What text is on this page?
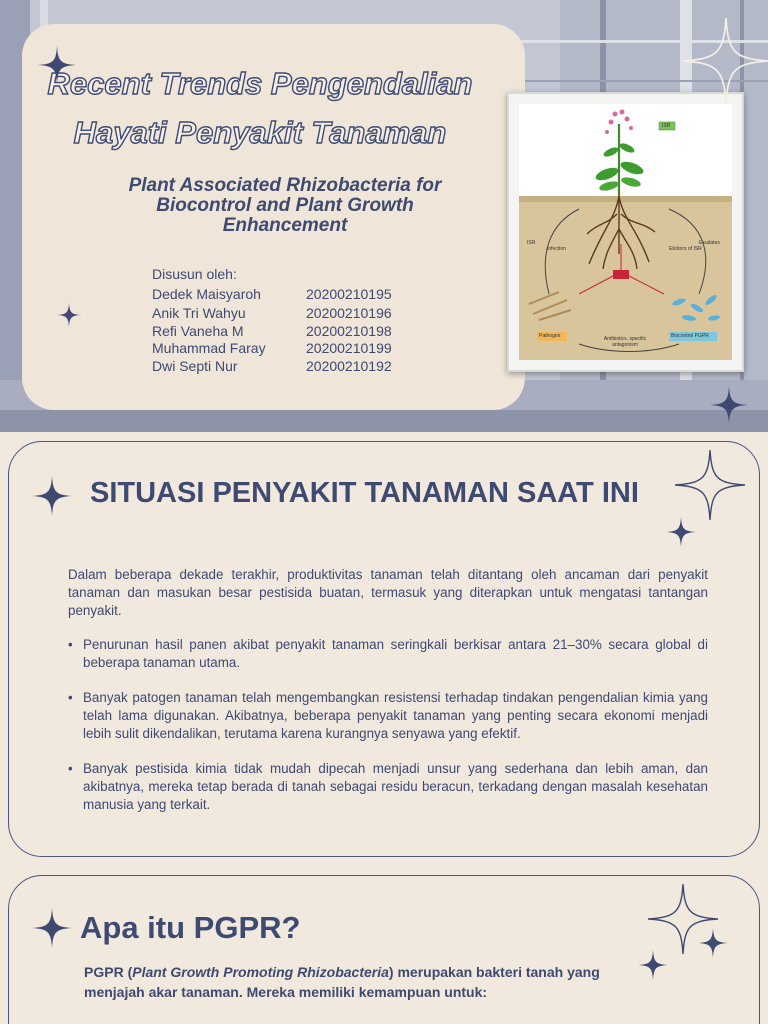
Recent Trends Pengendalian
Hayati Penyakit Tanaman
Plant Associated Rhizobacteria for Biocontrol and Plant Growth Enhancement
Disusun oleh:
Dedek Maisyaroh	20200210195
Anik Tri Wahyu	20200210196
Refi Vaneha M	20200210198
Muhammad Faray	20200210199
Dwi Septi Nur	20200210192
ISR
ISR
Infection	Elicitors of ISR
Exudates
Pathogen	Biocontrol PGPR
Antibiotics, specific antagonism
SITUASI PENYAKIT TANAMAN SAAT INI

Dalam beberapa dekade terakhir, produktivitas tanaman telah ditantang oleh ancaman dari penyakit tanaman dan masukan besar pestisida buatan, termasuk yang diterapkan untuk mengatasi tantangan penyakit.

• Penurunan hasil panen akibat penyakit tanaman seringkali berkisar antara 21–30% secara global di beberapa tanaman utama.
• Banyak patogen tanaman telah mengembangkan resistensi terhadap tindakan pengendalian kimia yang telah lama digunakan. Akibatnya, beberapa penyakit tanaman yang penting secara ekonomi menjadi lebih sulit dikendalikan, terutama karena kurangnya senyawa yang efektif.
• Banyak pestisida kimia tidak mudah dipecah menjadi unsur yang sederhana dan lebih aman, dan akibatnya, mereka tetap berada di tanah sebagai residu beracun, terkadang dengan masalah kesehatan manusia yang terkait.
Apa itu PGPR?

PGPR (Plant Growth Promoting Rhizobacteria) merupakan bakteri tanah yang menjajah akar tanaman. Mereka memiliki kemampuan untuk:
